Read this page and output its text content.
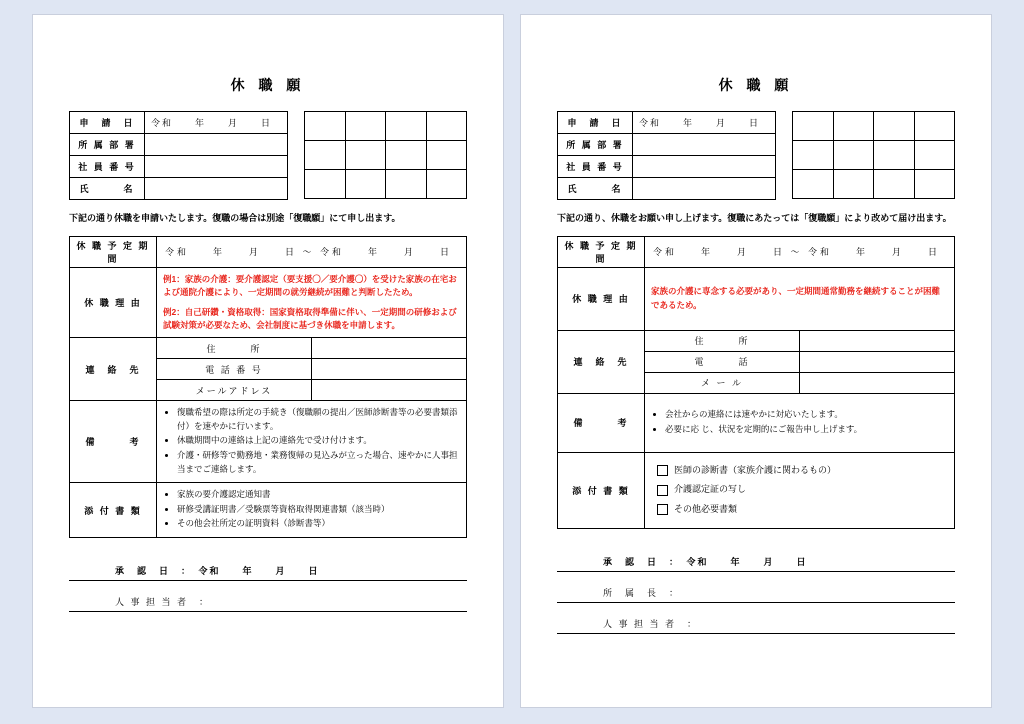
休 職 願
申　請　日	令和　　年　　月　　日
所 属 部 署	
社 員 番 号	
氏　　　名	

下記の通り休職を申請いたします。復職の場合は別途「復職願」にて申し出ます。
休 職 予 定 期 間	令和　　年　　月　　日 ～ 令和　　年　　月　　日	
休 職 理 由	例1：家族の介護：要介護認定（要支援〇／要介護〇）を受けた家族の在宅および通院介護により、一定期間の就労継続が困難と判断したため。

例2：自己研鑽・資格取得：国家資格取得準備に伴い、一定期間の研修および試験対策が必要なため、会社制度に基づき休職を申請します。	

連　絡　先	住　　　所	
	電 話 番 号	
	メールアドレス	
備　　　考	
• 復職希望の際は所定の手続き（復職願の提出／医師診断書等の必要書類添付）を速やかに行います。
• 休職期間中の連絡は上記の連絡先で受け付けます。
• 介護・研修等で勤務地・業務復帰の見込みが立った場合、速やかに人事担当までご連絡します。

添 付 書 類	
• 家族の要介護認定通知書
• 研修受講証明書／受験票等資格取得関連書類（該当時）
• その他会社所定の証明資料（診断書等）
承　認　日　：　令和　　年　　月　　日
人 事 担 当 者　：
休 職 願
申　請　日	令和　　年　　月　　日
所 属 部 署	
社 員 番 号	
氏　　　名	

下記の通り、休職をお願い申し上げます。復職にあたっては「復職願」により改めて届け出ます。
休 職 予 定 期 間	令和　　年　　月　　日 ～ 令和　　年　　月　　日	
休 職 理 由	家族の介護に専念する必要があり、一定期間通常勤務を継続することが困難であるため。	

連　絡　先	住　　　所	
	電　　　話	
	メ ー ル	
備　　　考	
• 会社からの連絡には速やかに対応いたします。
• 必要に応 じ、状況を定期的にご報告申し上げます。

添 付 書 類	医師の診断書（家族介護に関わるもの）
介護認定証の写し
その他必要書類	
承　認　日　：　令和　　年　　月　　日
所　属　長　：
人 事 担 当 者　：
